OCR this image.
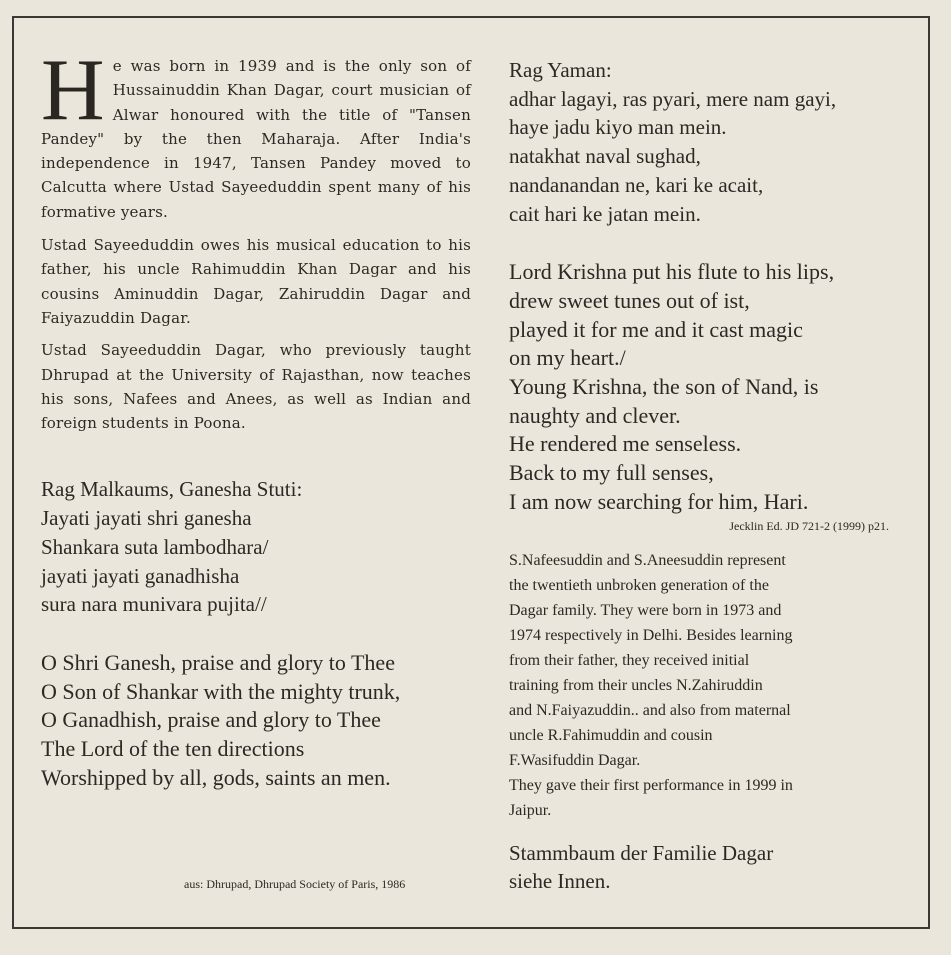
He was born in 1939 and is the only son of Hussainuddin Khan Dagar, court musician of Alwar honoured with the title of "Tansen Pandey" by the then Maharaja. After India's independence in 1947, Tansen Pandey moved to Calcutta where Ustad Sayeeduddin spent many of his formative years.

Ustad Sayeeduddin owes his musical education to his father, his uncle Rahimuddin Khan Dagar and his cousins Aminuddin Dagar, Zahiruddin Dagar and Faiyazuddin Dagar.

Ustad Sayeeduddin Dagar, who previously taught Dhrupad at the University of Rajasthan, now teaches his sons, Nafees and Anees, as well as Indian and foreign students in Poona.

Rag Malkaums, Ganesha Stuti:
Jayati jayati shri ganesha
Shankara suta lambodhara/
jayati jayati ganadhisha
sura nara munivara pujita//
O Shri Ganesh, praise and glory to Thee
O Son of Shankar with the mighty trunk,
O Ganadhish, praise and glory to Thee
The Lord of the ten directions
Worshipped by all, gods, saints an men.
aus: Dhrupad, Dhrupad Society of Paris, 1986
Rag Yaman:
adhar lagayi, ras pyari, mere nam gayi,
haye jadu kiyo man mein.
natakhat naval sughad,
nandanandan ne, kari ke acait,
cait hari ke jatan mein.
Lord Krishna put his flute to his lips,
drew sweet tunes out of ist,
played it for me and it cast magic
on my heart./
Young Krishna, the son of Nand, is
naughty and clever.
He rendered me senseless.
Back to my full senses,
I am now searching for him, Hari.
Jecklin Ed. JD 721-2 (1999) p21.
S.Nafeesuddin and S.Aneesuddin represent
the twentieth unbroken generation of the
Dagar family. They were born in 1973 and
1974 respectively in Delhi. Besides learning
from their father, they received initial
training from their uncles N.Zahiruddin
and N.Faiyazuddin.. and also from maternal
uncle R.Fahimuddin and cousin
F.Wasifuddin Dagar.
They gave their first performance in 1999 in
Jaipur.
Stammbaum der Familie Dagar
siehe Innen.
